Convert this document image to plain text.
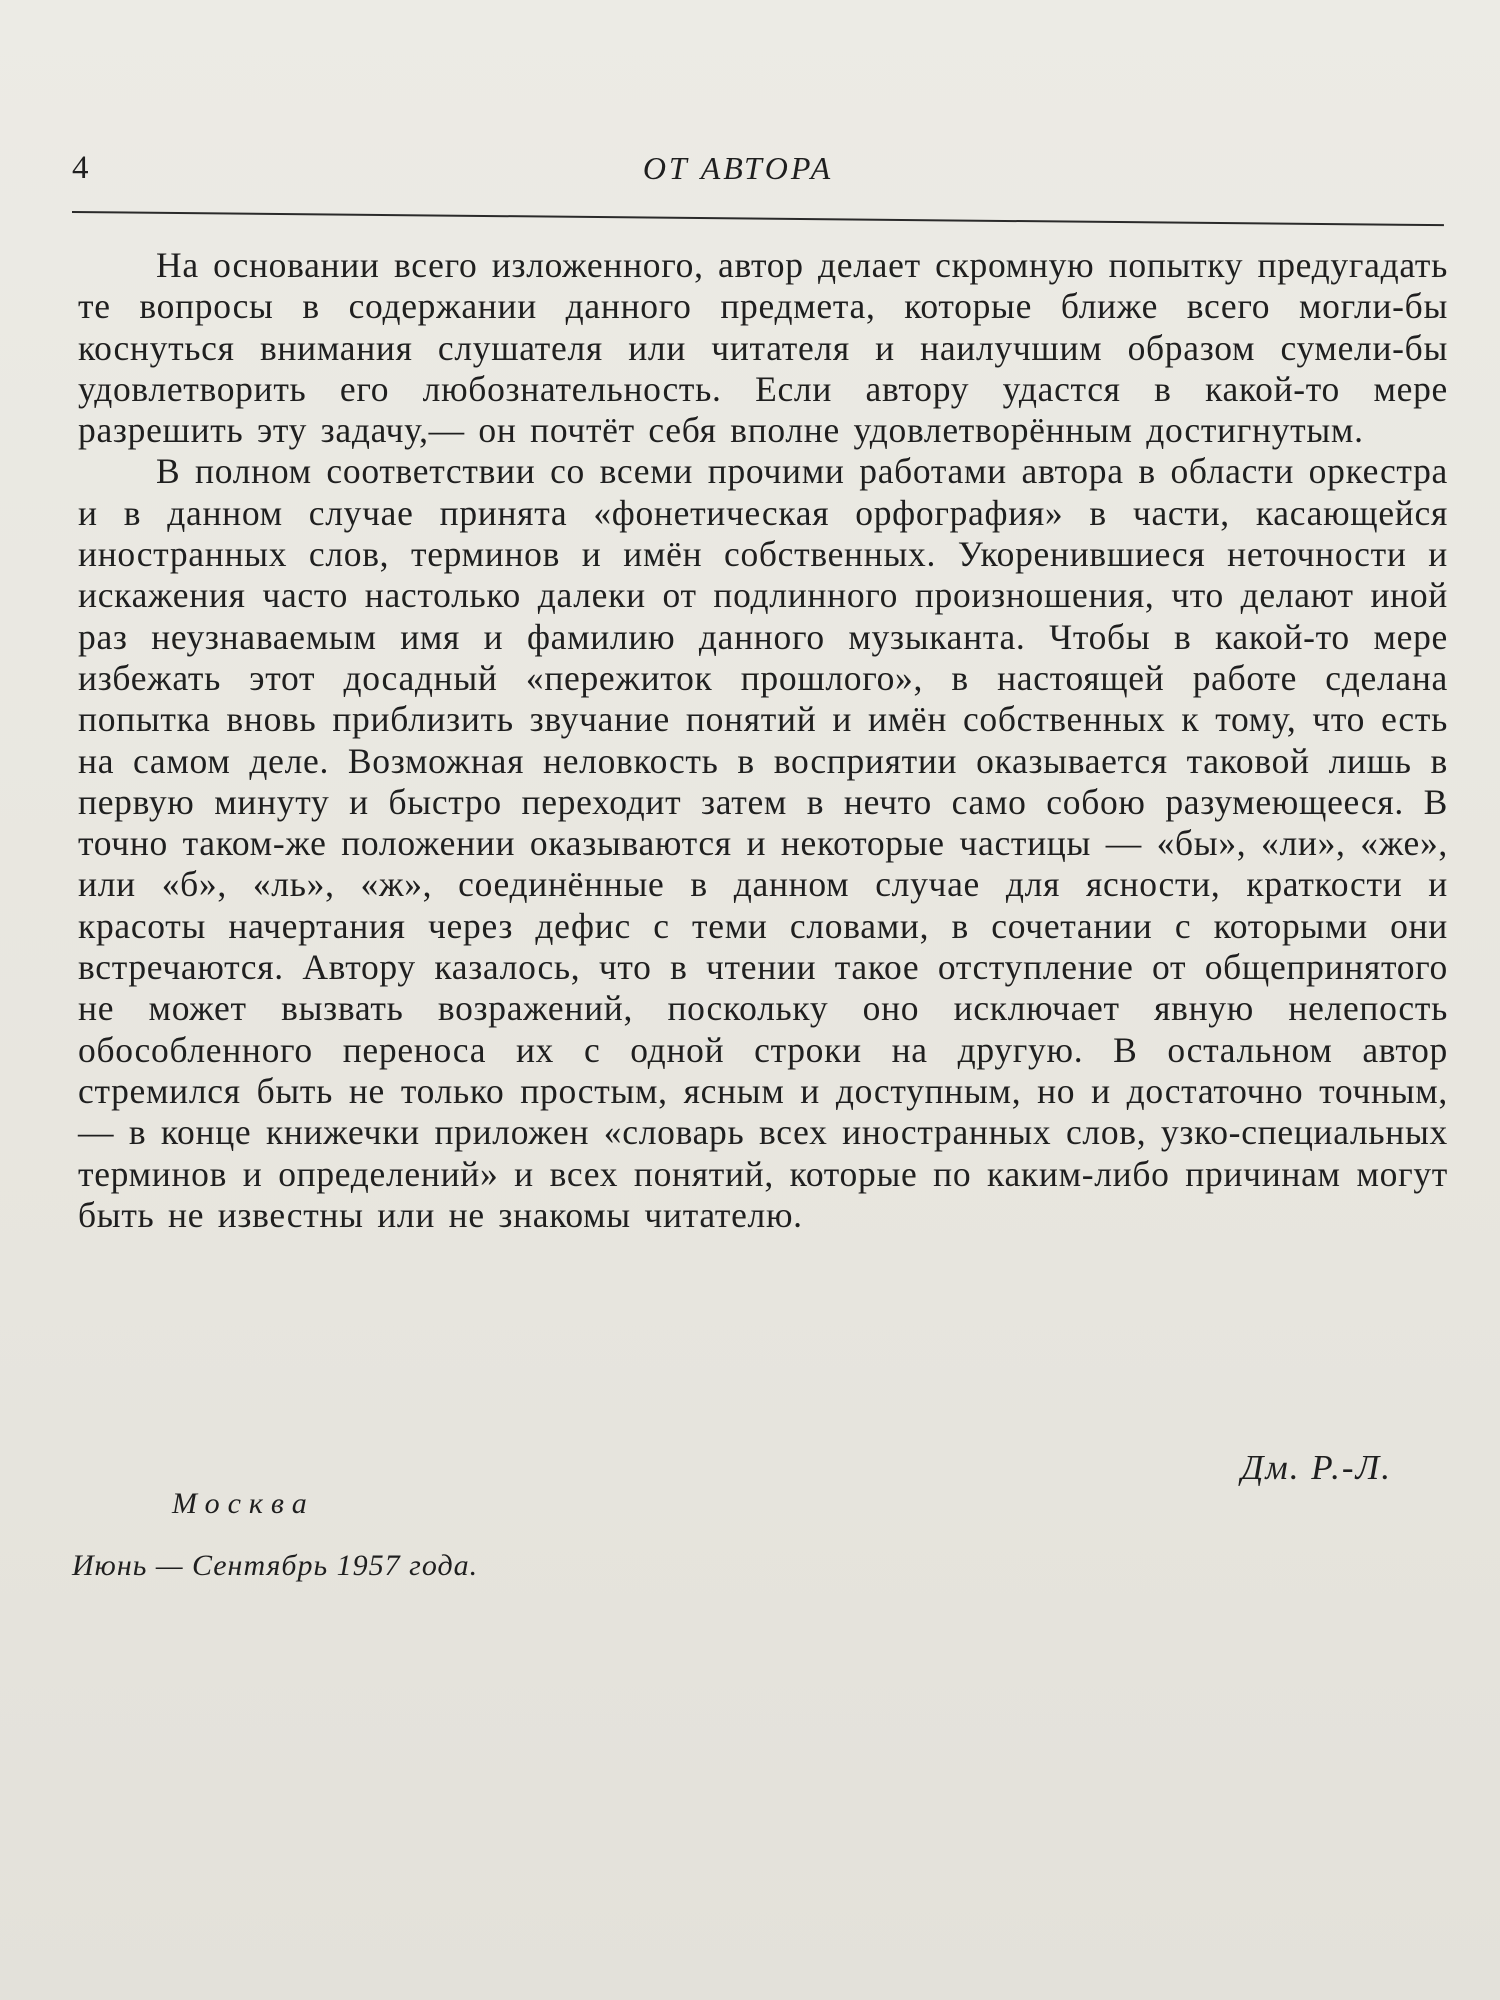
4	ОТ АВТОРА

На основании всего изложенного, автор делает скромную попытку предугадать те вопросы в содержании данного предмета, которые ближе всего могли-бы коснуться внимания слушателя или читателя и наилучшим образом сумели-бы удовлетворить его любознательность. Если автору удастся в какой-то мере разрешить эту задачу,— он почтёт себя вполне удовлетворённым достигнутым.

В полном соответствии со всеми прочими работами автора в области оркестра и в данном случае принята «фонетическая орфография» в части, касающейся иностранных слов, терминов и имён собственных. Укоренившиеся неточности и искажения часто настолько далеки от подлинного произношения, что делают иной раз неузнаваемым имя и фамилию данного музыканта. Чтобы в какой-то мере избежать этот досадный «пережиток прошлого», в настоящей работе сделана попытка вновь приблизить звучание понятий и имён собственных к тому, что есть на самом деле. Возможная неловкость в восприятии оказывается таковой лишь в первую минуту и быстро переходит затем в нечто само собою разумеющееся. В точно таком-же положении оказываются и некоторые частицы — «бы», «ли», «же», или «б», «ль», «ж», соединённые в данном случае для ясности, краткости и красоты начертания через дефис с теми словами, в сочетании с которыми они встречаются. Автору казалось, что в чтении такое отступление от общепринятого не может вызвать возражений, поскольку оно исключает явную нелепость обособленного переноса их с одной строки на другую. В остальном автор стремился быть не только простым, ясным и доступным, но и достаточно точным, — в конце книжечки приложен «словарь всех иностранных слов, узко-специальных терминов и определений» и всех понятий, которые по каким-либо причинам могут быть не известны или не знакомы читателю.

Дм. Р.-Л.
Москва
Июнь — Сентябрь 1957 года.
